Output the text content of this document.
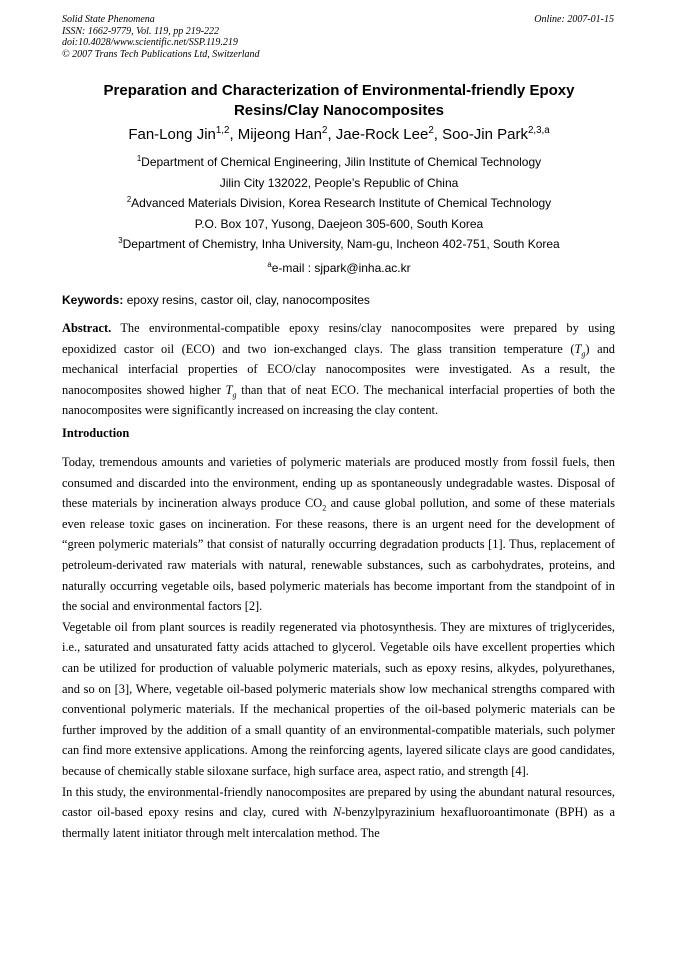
Solid State Phenomena
ISSN: 1662-9779, Vol. 119, pp 219-222
doi:10.4028/www.scientific.net/SSP.119.219
© 2007 Trans Tech Publications Ltd, Switzerland
Online: 2007-01-15
Preparation and Characterization of Environmental-friendly Epoxy
Resins/Clay Nanocomposites
Fan-Long Jin$^{1,2}$, Mijeong Han$^2$, Jae-Rock Lee$^2$, Soo-Jin Park$^{2,3,a}$
$^1$Department of Chemical Engineering, Jilin Institute of Chemical Technology
Jilin City 132022, People’s Republic of China
$^2$Advanced Materials Division, Korea Research Institute of Chemical Technology
P.O. Box 107, Yusong, Daejeon 305-600, South Korea
$^3$Department of Chemistry, Inha University, Nam-gu, Incheon 402-751, South Korea
$^a$e-mail : sjpark@inha.ac.kr
Keywords: epoxy resins, castor oil, clay, nanocomposites

Abstract. The environmental-compatible epoxy resins/clay nanocomposites were prepared by using epoxidized castor oil (ECO) and two ion-exchanged clays. The glass transition temperature $(T_g)$ and mechanical interfacial properties of ECO/clay nanocomposites were investigated. As a result, the nanocomposites showed higher $T_g$ than that of neat ECO. The mechanical interfacial properties of both the nanocomposites were significantly increased on increasing the clay content.

Introduction

Today, tremendous amounts and varieties of polymeric materials are produced mostly from fossil fuels, then consumed and discarded into the environment, ending up as spontaneously undegradable wastes. Disposal of these materials by incineration always produce $CO_2$ and cause global pollution, and some of these materials even release toxic gases on incineration. For these reasons, there is an urgent need for the development of “green polymeric materials” that consist of naturally occurring degradation products [1]. Thus, replacement of petroleum-derivated raw materials with natural, renewable substances, such as carbohydrates, proteins, and naturally occurring vegetable oils, based polymeric materials has become important from the standpoint of in the social and environmental factors [2].

Vegetable oil from plant sources is readily regenerated via photosynthesis. They are mixtures of triglycerides, i.e., saturated and unsaturated fatty acids attached to glycerol. Vegetable oils have excellent properties which can be utilized for production of valuable polymeric materials, such as epoxy resins, alkydes, polyurethanes, and so on [3], Where, vegetable oil-based polymeric materials show low mechanical strengths compared with conventional polymeric materials. If the mechanical properties of the oil-based polymeric materials can be further improved by the addition of a small quantity of an environmental-compatible materials, such polymer can find more extensive applications. Among the reinforcing agents, layered silicate clays are good candidates, because of chemically stable siloxane surface, high surface area, aspect ratio, and strength [4].

In this study, the environmental-friendly nanocomposites are prepared by using the abundant natural resources, castor oil-based epoxy resins and clay, cured with N-benzylpyrazinium hexafluoroantimonate (BPH) as a thermally latent initiator through melt intercalation method. The
